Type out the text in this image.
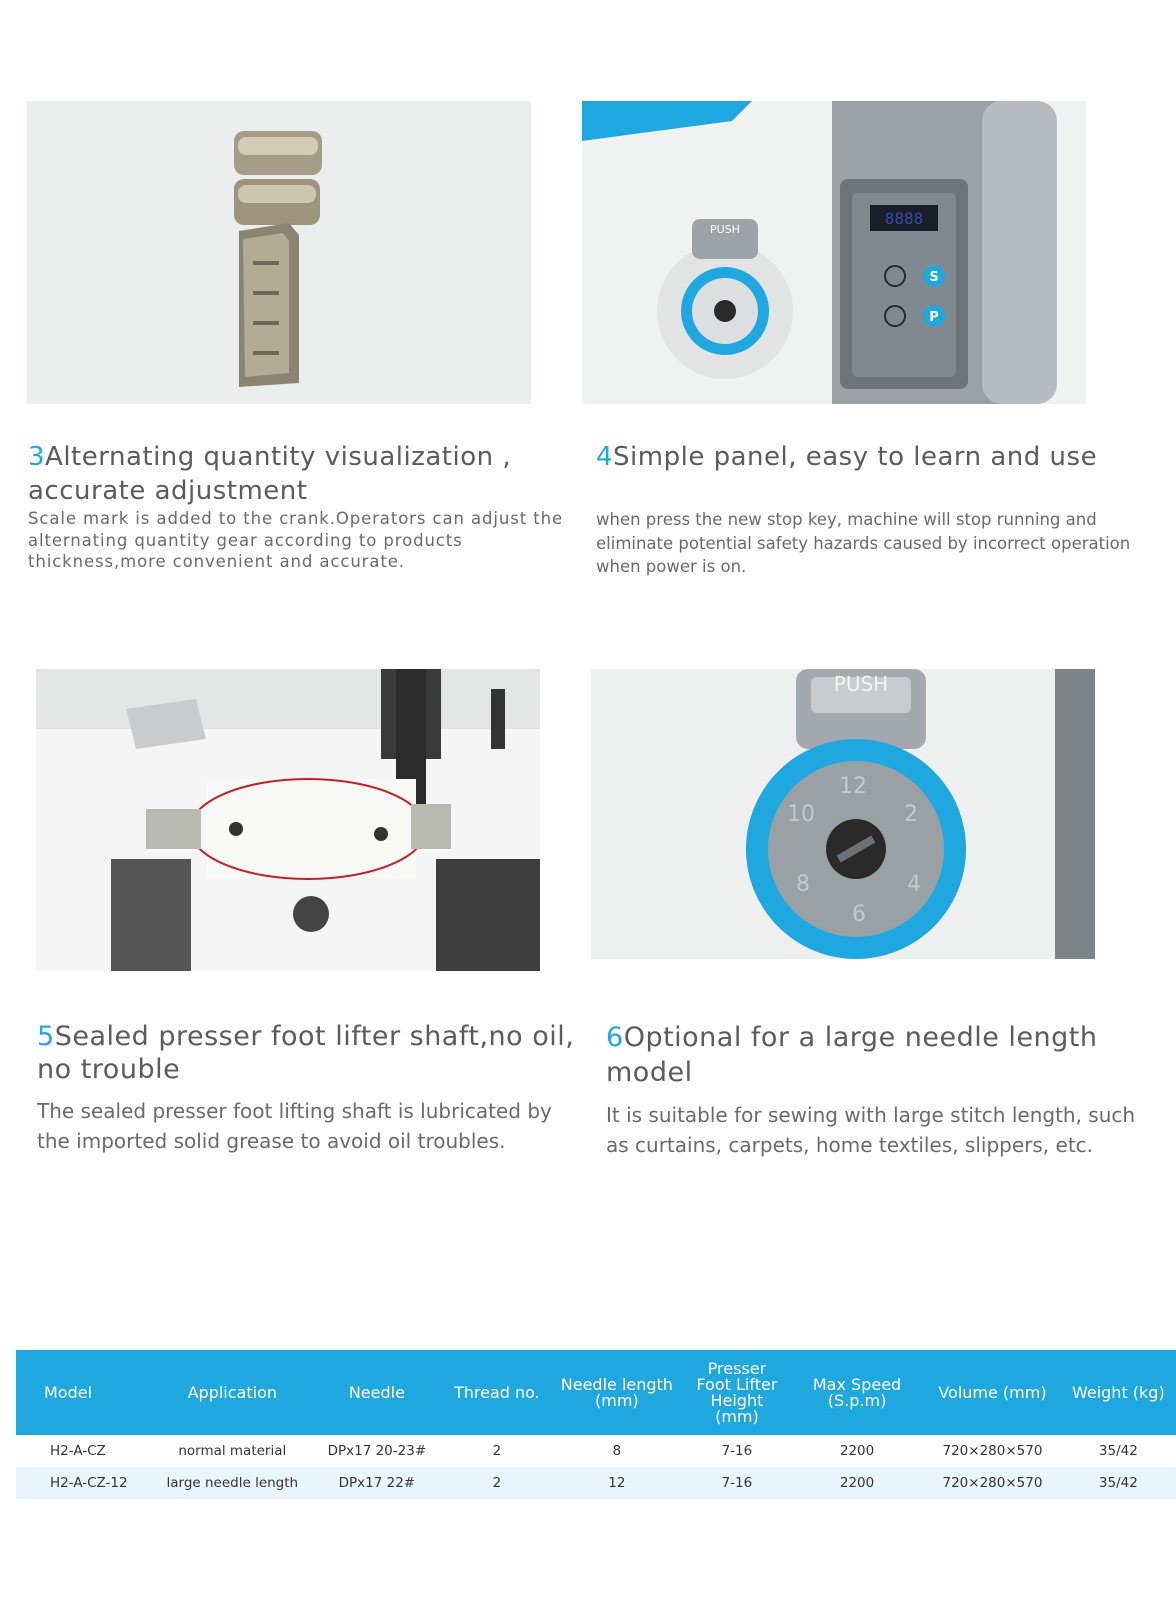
8888
S
P
PUSH
3Alternating quantity visualization , accurate adjustment

Scale mark is added to the crank.Operators can adjust the alternating quantity gear according to products thickness,more convenient and accurate.

4Simple panel, easy to learn and use

when press the new stop key, machine will stop running and eliminate potential safety hazards caused by incorrect operation when power is on.

PUSH
12
2
4
6
8
10
5Sealed presser foot lifter shaft,no oil, no trouble

The sealed presser foot lifting shaft is lubricated by the imported solid grease to avoid oil troubles.

6Optional for a large needle length model

It is suitable for sewing with large stitch length, such as curtains, carpets, home textiles, slippers, etc.

Model	Application	Needle	Thread no.	Needle length (mm)	Presser Foot Lifter Height (mm)	Max Speed (S.p.m)	Volume (mm)	Weight (kg)
H2-A-CZ	normal material	DPx17 20-23#	2	8	7-16	2200	720×280×570	35/42
H2-A-CZ-12	large needle length	DPx17 22#	2	12	7-16	2200	720×280×570	35/42
